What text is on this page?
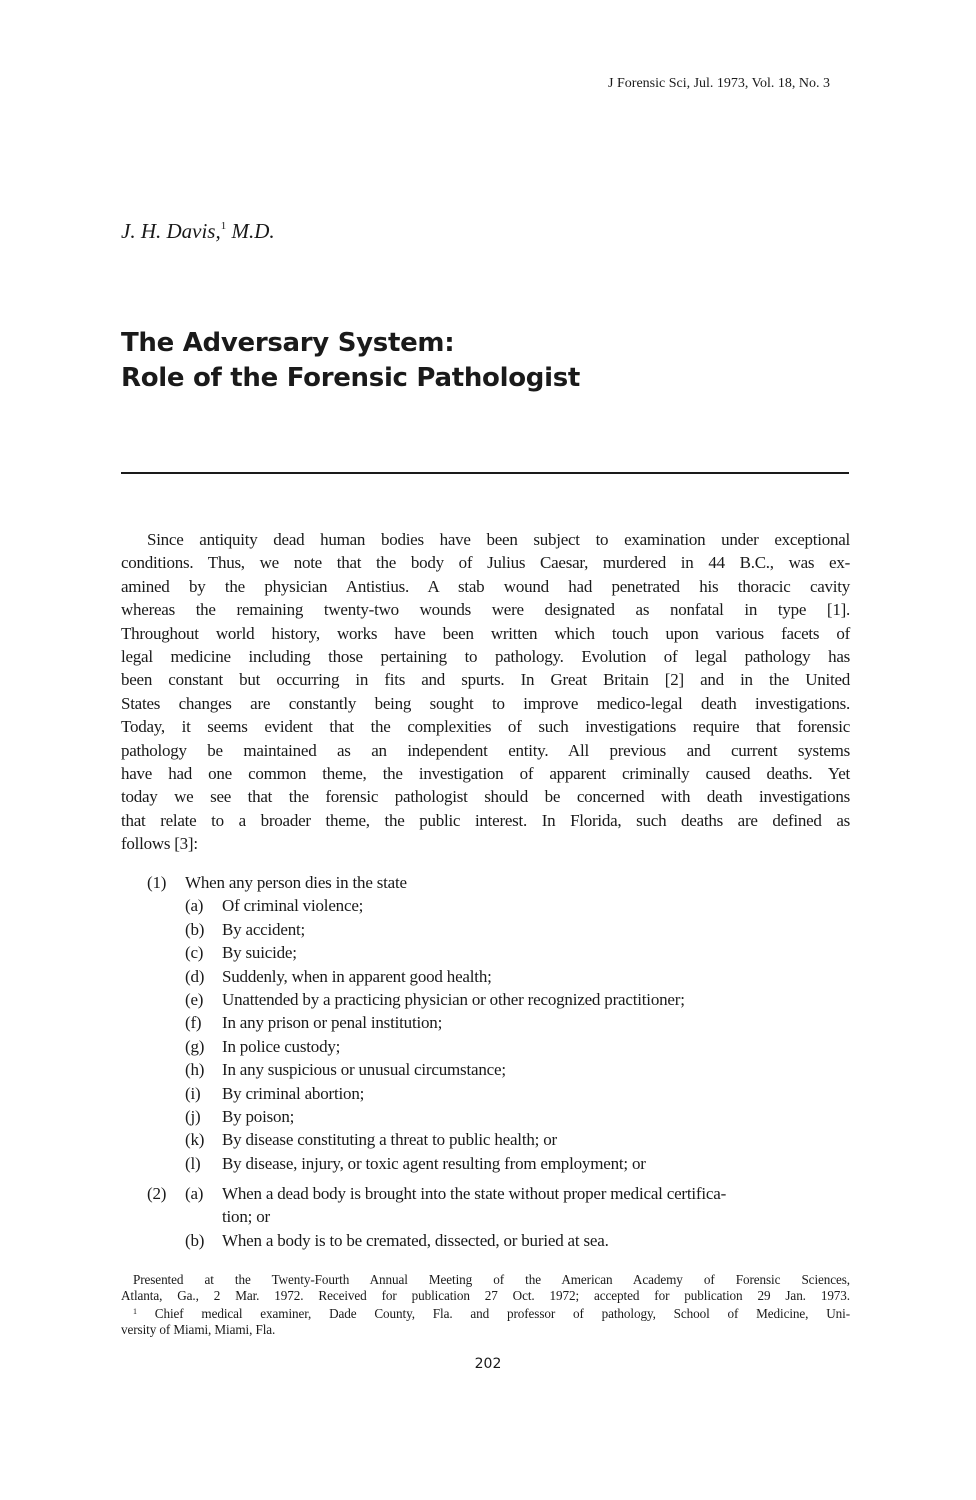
J Forensic Sci, Jul. 1973, Vol. 18, No. 3
J. H. Davis,$^1$ M.D.
The Adversary System:
Role of the Forensic Pathologist
Since antiquity dead human bodies have been subject to examination under exceptional
conditions. Thus, we note that the body of Julius Caesar, murdered in 44 B.C., was ex-
amined by the physician Antistius. A stab wound had penetrated his thoracic cavity
whereas the remaining twenty-two wounds were designated as nonfatal in type [1].
Throughout world history, works have been written which touch upon various facets of
legal medicine including those pertaining to pathology. Evolution of legal pathology has
been constant but occurring in fits and spurts. In Great Britain [2] and in the United
States changes are constantly being sought to improve medico-legal death investigations.
Today, it seems evident that the complexities of such investigations require that forensic
pathology be maintained as an independent entity. All previous and current systems
have had one common theme, the investigation of apparent criminally caused deaths. Yet
today we see that the forensic pathologist should be concerned with death investigations
that relate to a broader theme, the public interest. In Florida, such deaths are defined as
follows [3]:
(1) When any person dies in the state
(a) Of criminal violence;
(b) By accident;
(c) By suicide;
(d) Suddenly, when in apparent good health;
(e) Unattended by a practicing physician or other recognized practitioner;
(f) In any prison or penal institution;
(g) In police custody;
(h) In any suspicious or unusual circumstance;
(i) By criminal abortion;
(j) By poison;
(k) By disease constituting a threat to public health; or
(l) By disease, injury, or toxic agent resulting from employment; or
(2) (a) When a dead body is brought into the state without proper medical certifica-
tion; or
(b) When a body is to be cremated, dissected, or buried at sea.
Presented at the Twenty-Fourth Annual Meeting of the American Academy of Forensic Sciences,
Atlanta, Ga., 2 Mar. 1972. Received for publication 27 Oct. 1972; accepted for publication 29 Jan. 1973.
$^1$ Chief medical examiner, Dade County, Fla. and professor of pathology, School of Medicine, Uni-
versity of Miami, Miami, Fla.
202
